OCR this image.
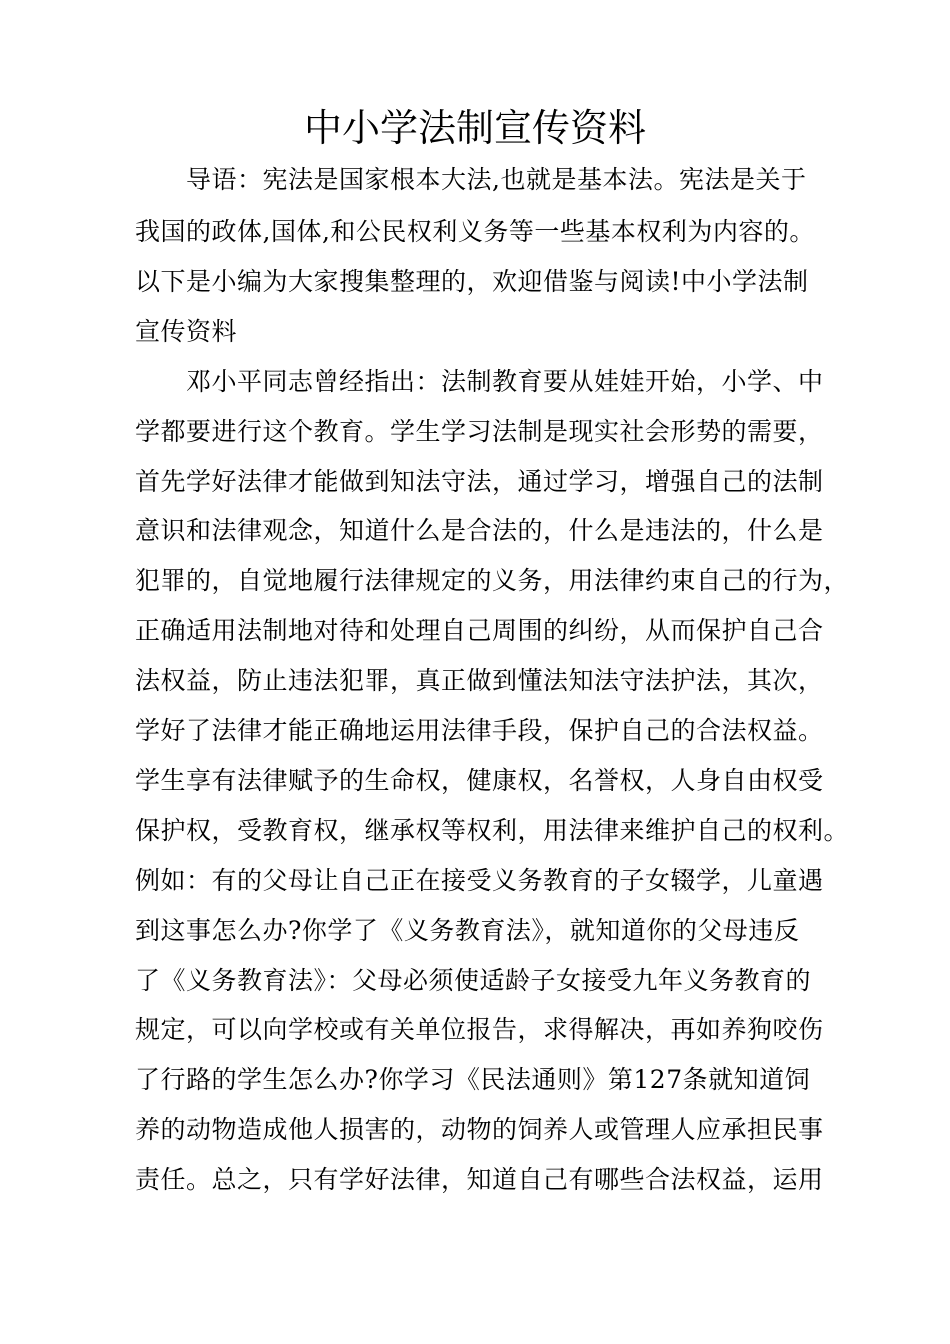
中小学法制宣传资料
导语：宪法是国家根本大法,也就是基本法。宪法是关于
我国的政体,国体,和公民权利义务等一些基本权利为内容的。
以下是小编为大家搜集整理的，欢迎借鉴与阅读!中小学法制
宣传资料
邓小平同志曾经指出：法制教育要从娃娃开始，小学、中
学都要进行这个教育。学生学习法制是现实社会形势的需要，
首先学好法律才能做到知法守法，通过学习，增强自己的法制
意识和法律观念，知道什么是合法的，什么是违法的，什么是
犯罪的，自觉地履行法律规定的义务，用法律约束自己的行为，
正确适用法制地对待和处理自己周围的纠纷，从而保护自己合
法权益，防止违法犯罪，真正做到懂法知法守法护法，其次，
学好了法律才能正确地运用法律手段，保护自己的合法权益。
学生享有法律赋予的生命权，健康权，名誉权，人身自由权受
保护权，受教育权，继承权等权利，用法律来维护自己的权利。
例如：有的父母让自己正在接受义务教育的子女辍学，儿童遇
到这事怎么办?你学了《义务教育法》，就知道你的父母违反
了《义务教育法》：父母必须使适龄子女接受九年义务教育的
规定，可以向学校或有关单位报告，求得解决，再如养狗咬伤
了行路的学生怎么办?你学习《民法通则》第127条就知道饲
养的动物造成他人损害的，动物的饲养人或管理人应承担民事
责任。总之，只有学好法律，知道自己有哪些合法权益，运用
